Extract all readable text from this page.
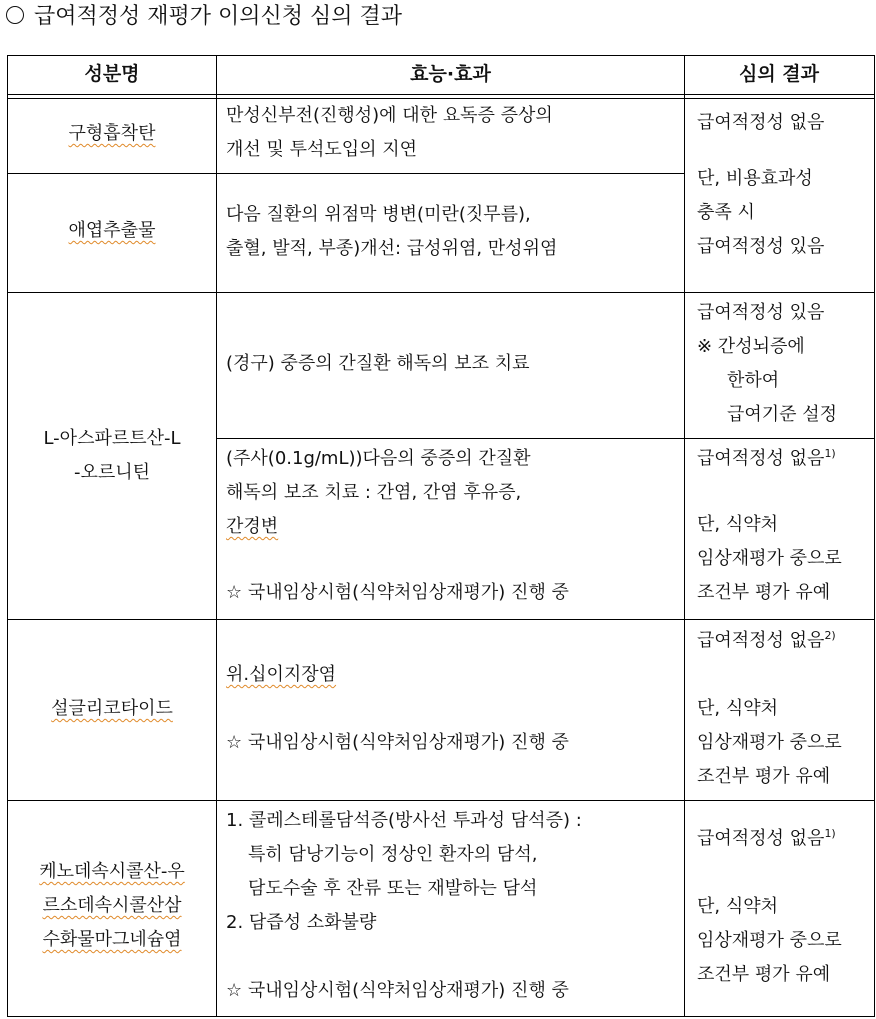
급여적정성 재평가 이의신청 심의 결과
성분명	효능·효과	심의 결과
구형흡착탄
만성신부전(진행성)에 대한 요독증 증상의
개선 및 투석도입의 지연
애엽추출물
다음 질환의 위점막 병변(미란(짓무름),
출혈, 발적, 부종)개선: 급성위염, 만성위염
급여적정성 없음
단, 비용효과성
충족 시
급여적정성 있음
L-아스파르트산-L
-오르니틴
(경구) 중증의 간질환 해독의 보조 치료
급여적정성 있음
※ 간성뇌증에
한하여
급여기준 설정
(주사(0.1g/mL))다음의 중증의 간질환
해독의 보조 치료 : 간염, 간염 후유증,
간경변
☆ 국내임상시험(식약처임상재평가) 진행 중
급여적정성 없음$^{1)}$
단, 식약처
임상재평가 중으로
조건부 평가 유예
설글리코타이드
위.십이지장염
☆ 국내임상시험(식약처임상재평가) 진행 중
급여적정성 없음$^{2)}$
단, 식약처
임상재평가 중으로
조건부 평가 유예
케노데속시콜산-우
르소데속시콜산삼
수화물마그네슘염
1. 콜레스테롤담석증(방사선 투과성 담석증) :
특히 담낭기능이 정상인 환자의 담석,
담도수술 후 잔류 또는 재발하는 담석
2. 담즙성 소화불량
☆ 국내임상시험(식약처임상재평가) 진행 중
급여적정성 없음$^{1)}$
단, 식약처
임상재평가 중으로
조건부 평가 유예
